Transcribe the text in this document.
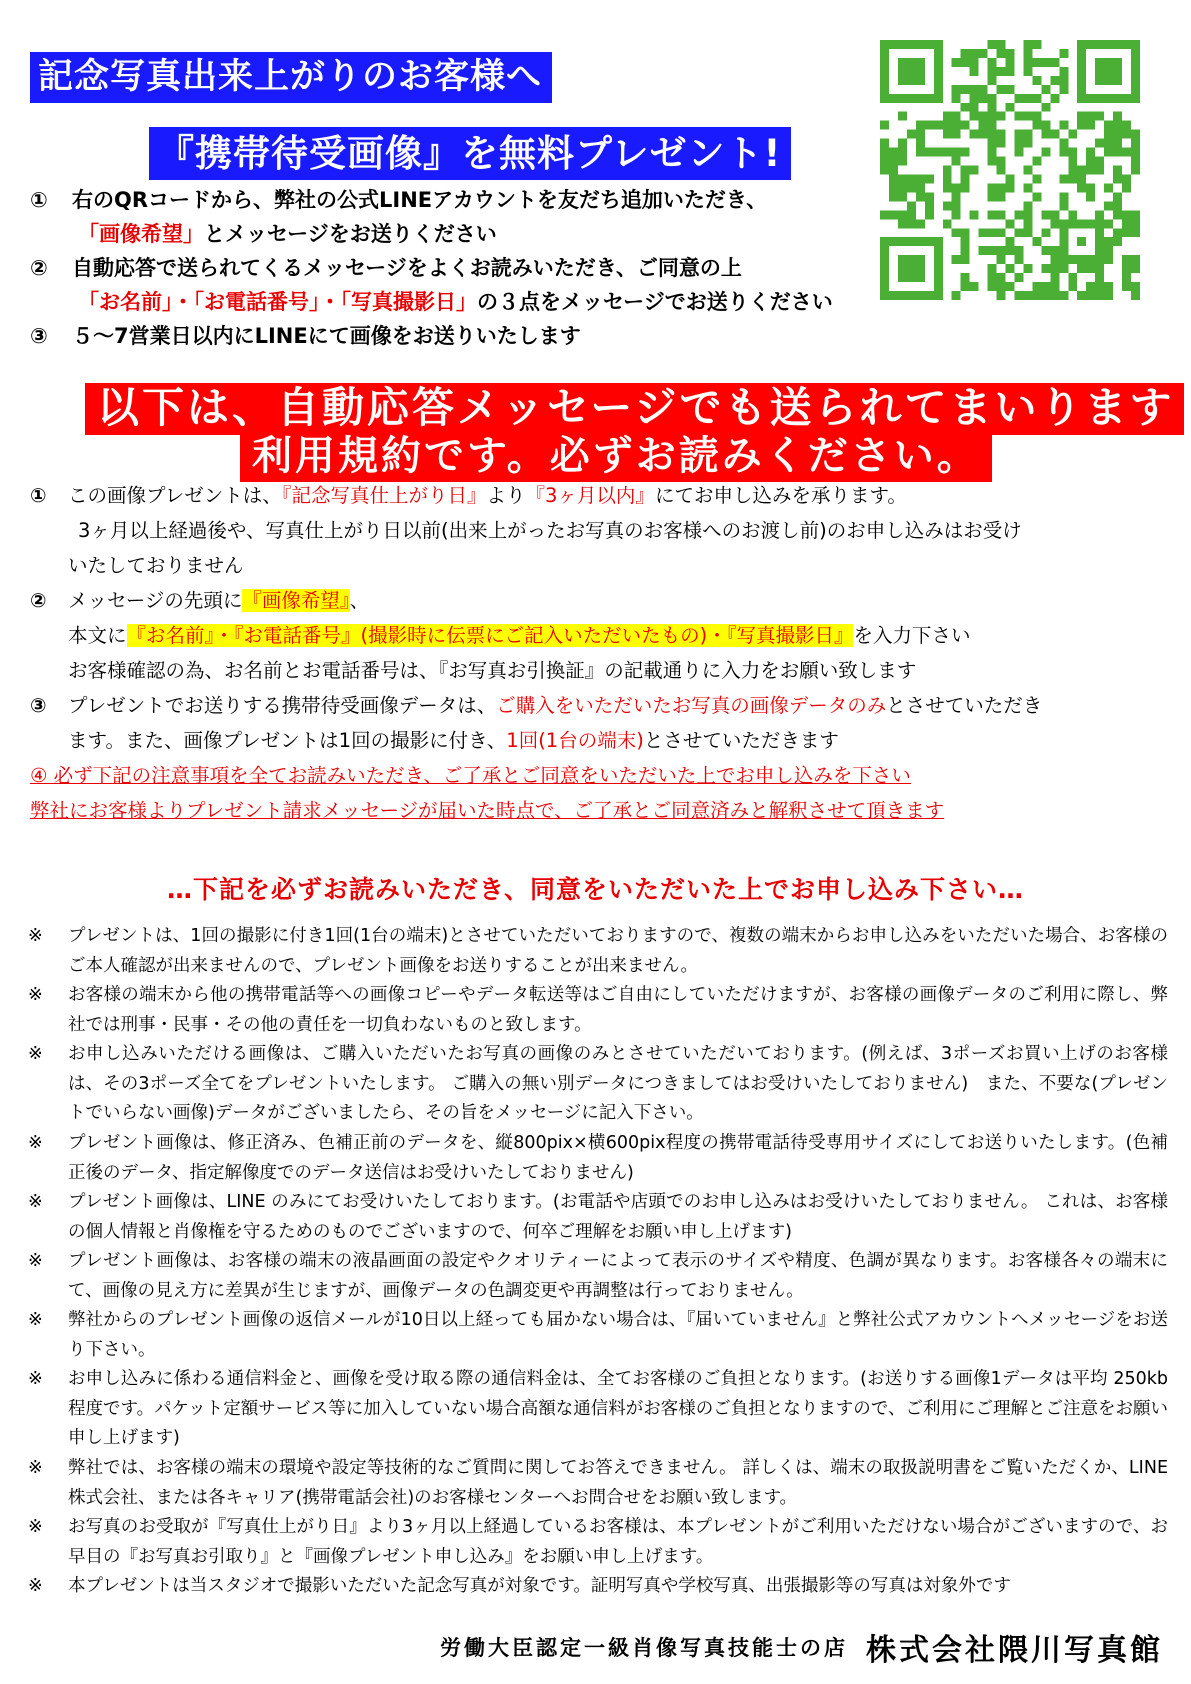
記念写真出来上がりのお客様へ
『携帯待受画像』を無料プレゼント!
① 右のQRコードから、弊社の公式LINEアカウントを友だち追加いただき、
「画像希望」とメッセージをお送りください
② 自動応答で送られてくるメッセージをよくお読みいただき、ご同意の上
「お名前」・「お電話番号」・「写真撮影日」の３点をメッセージでお送りください
③ ５～7営業日以内にLINEにて画像をお送りいたします
以下は、自動応答メッセージでも送られてまいります
利用規約です。必ずお読みください。
① この画像プレゼントは、『記念写真仕上がり日』より『3ヶ月以内』にてお申し込みを承ります。
3ヶ月以上経過後や、写真仕上がり日以前(出来上がったお写真のお客様へのお渡し前)のお申し込みはお受け
いたしておりません
② メッセージの先頭に『画像希望』、
本文に『お名前』・『お電話番号』(撮影時に伝票にご記入いただいたもの)・『写真撮影日』を入力下さい
お客様確認の為、お名前とお電話番号は、『お写真お引換証』の記載通りに入力をお願い致します
③ プレゼントでお送りする携帯待受画像データは、ご購入をいただいたお写真の画像データのみとさせていただき
ます。また、画像プレゼントは1回の撮影に付き、1回(1台の端末)とさせていただきます
④ 必ず下記の注意事項を全てお読みいただき、ご了承とご同意をいただいた上でお申し込みを下さい
弊社にお客様よりプレゼント請求メッセージが届いた時点で、ご了承とご同意済みと解釈させて頂きます
…下記を必ずお読みいただき、同意をいただいた上でお申し込み下さい…
※ プレゼントは、1回の撮影に付き1回(1台の端末)とさせていただいておりますので、複数の端末からお申し込みをいただいた場合、お客様のご本人確認が出来ませんので、プレゼント画像をお送りすることが出来ません。
※ お客様の端末から他の携帯電話等への画像コピーやデータ転送等はご自由にしていただけますが、お客様の画像データのご利用に際し、弊社では刑事・民事・その他の責任を一切負わないものと致します。
※ お申し込みいただける画像は、ご購入いただいたお写真の画像のみとさせていただいております。(例えば、3ポーズお買い上げのお客様は、その3ポーズ全てをプレゼントいたします。 ご購入の無い別データにつきましてはお受けいたしておりません)　また、不要な(プレゼントでいらない画像)データがございましたら、その旨をメッセージに記入下さい。
※ プレゼント画像は、修正済み、色補正前のデータを、縦800pix×横600pix程度の携帯電話待受専用サイズにしてお送りいたします。(色補正後のデータ、指定解像度でのデータ送信はお受けいたしておりません)
※ プレゼント画像は、LINE のみにてお受けいたしております。(お電話や店頭でのお申し込みはお受けいたしておりません。 これは、お客様の個人情報と肖像権を守るためのものでございますので、何卒ご理解をお願い申し上げます)
※ プレゼント画像は、お客様の端末の液晶画面の設定やクオリティーによって表示のサイズや精度、色調が異なります。お客様各々の端末にて、画像の見え方に差異が生じますが、画像データの色調変更や再調整は行っておりません。
※ 弊社からのプレゼント画像の返信メールが10日以上経っても届かない場合は、『届いていません』と弊社公式アカウントへメッセージをお送り下さい。
※ お申し込みに係わる通信料金と、画像を受け取る際の通信料金は、全てお客様のご負担となります。(お送りする画像1データは平均 250kb程度です。パケット定額サービス等に加入していない場合高額な通信料がお客様のご負担となりますので、ご利用にご理解とご注意をお願い申し上げます)
※ 弊社では、お客様の端末の環境や設定等技術的なご質問に関してお答えできません。 詳しくは、端末の取扱説明書をご覧いただくか、LINE株式会社、または各キャリア(携帯電話会社)のお客様センターへお問合せをお願い致します。
※ お写真のお受取が『写真仕上がり日』より3ヶ月以上経過しているお客様は、本プレゼントがご利用いただけない場合がございますので、お早目の『お写真お引取り』と『画像プレゼント申し込み』をお願い申し上げます。
※ 本プレゼントは当スタジオで撮影いただいた記念写真が対象です。証明写真や学校写真、出張撮影等の写真は対象外です
労働大臣認定一級肖像写真技能士の店 株式会社隈川写真館
